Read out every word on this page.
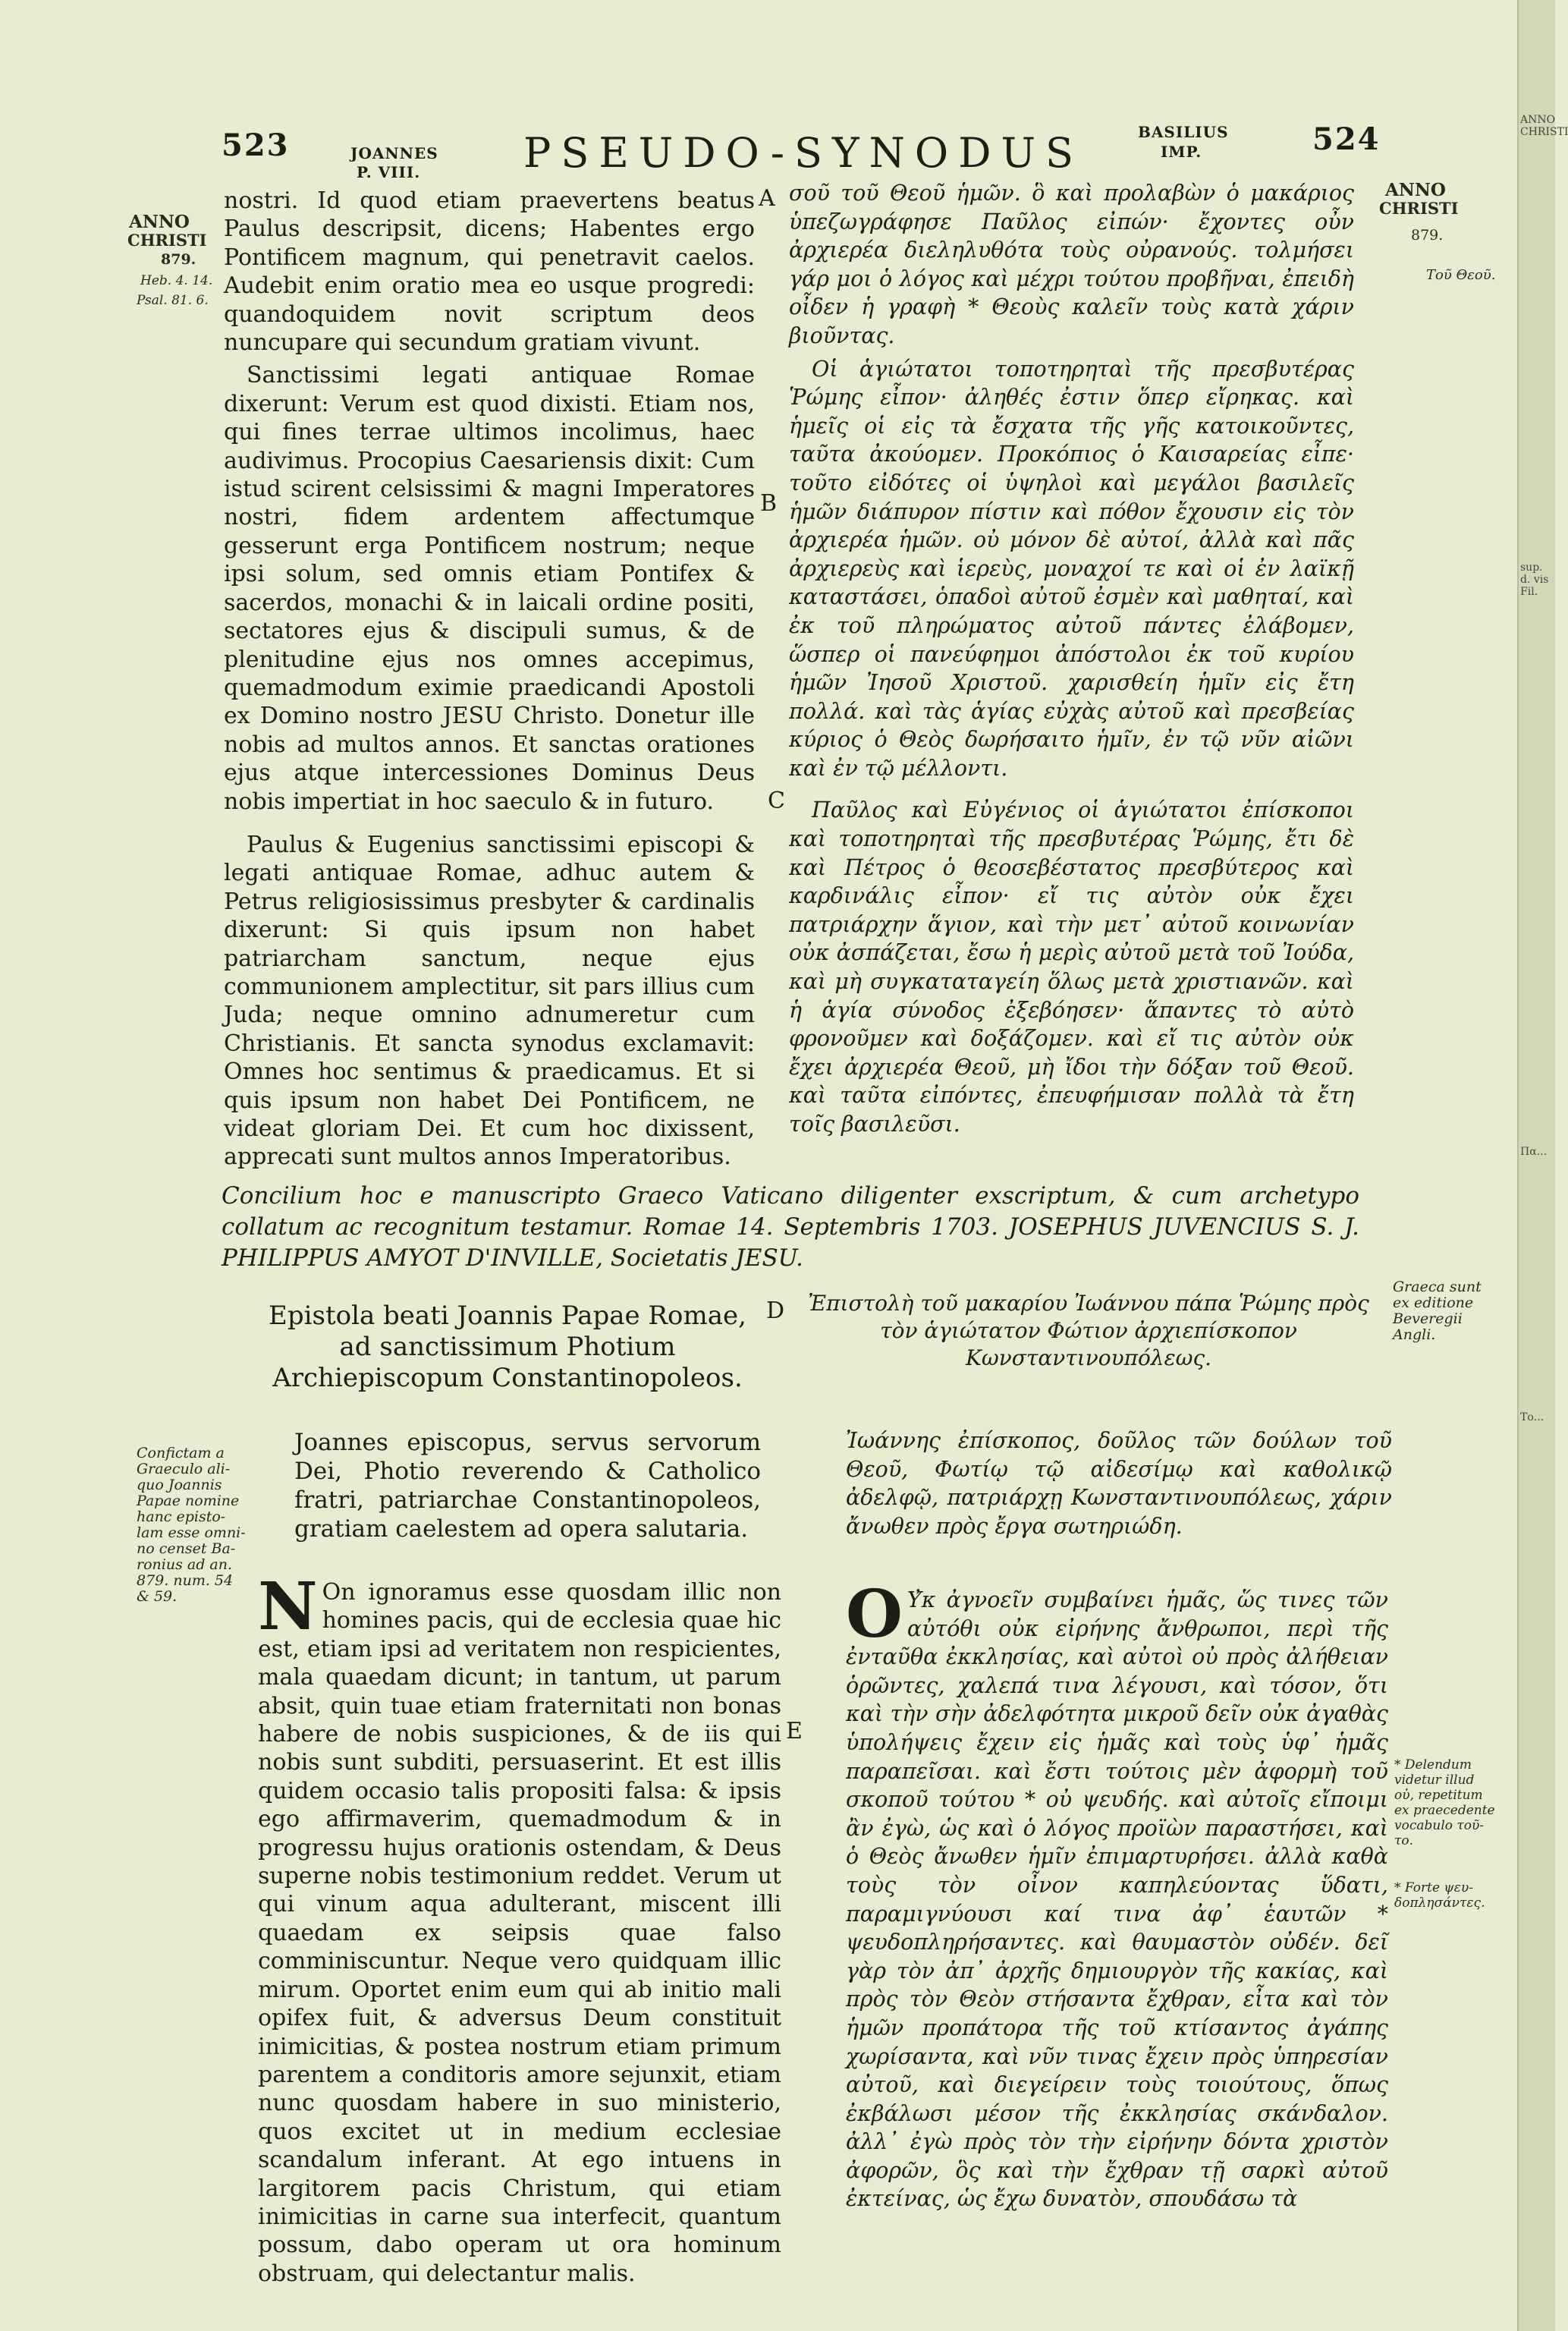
ANNO CHRISTI
sup. d. vis Fil.
Πα...
Το...
523	JOANNES
P. VIII.	PSEUDO-SYNODUS	BASILIUS
IMP.	524
ANNO
CHRISTI
879.
Heb. 4. 14.
Psal. 81. 6.
Confictam a
Graeculo ali-
quo Joannis
Papae nomine
hanc episto-
lam esse omni-
no censet Ba-
ronius ad an.
879. num. 54
& 59.
ANNO
CHRISTI
879.
Τοῦ Θεοῦ.
Graeca sunt
ex editione
Beveregii
Angli.
* Delendum
videtur illud
οὐ, repetitum
ex praecedente
vocabulo τοῦ-
το.
* Forte ψευ-
δοπλησάντες.
A
B
C
D
E

nostri. Id quod etiam praevertens beatus Paulus descripsit, dicens; Habentes ergo Pontificem magnum, qui penetravit caelos. Audebit enim oratio mea eo usque progredi: quandoquidem novit scriptum deos nuncupare qui secundum gratiam vivunt.

Sanctissimi legati antiquae Romae dixerunt: Verum est quod dixisti. Etiam nos, qui fines terrae ultimos incolimus, haec audivimus. Procopius Caesariensis dixit: Cum istud scirent celsissimi & magni Imperatores nostri, fidem ardentem affectumque gesserunt erga Pontificem nostrum; neque ipsi solum, sed omnis etiam Pontifex & sacerdos, monachi & in laicali ordine positi, sectatores ejus & discipuli sumus, & de plenitudine ejus nos omnes accepimus, quemadmodum eximie praedicandi Apostoli ex Domino nostro JESU Christo. Donetur ille nobis ad multos annos. Et sanctas orationes ejus atque intercessiones Dominus Deus nobis impertiat in hoc saeculo & in futuro.

Paulus & Eugenius sanctissimi episcopi & legati antiquae Romae, adhuc autem & Petrus religiosissimus presbyter & cardinalis dixerunt: Si quis ipsum non habet patriarcham sanctum, neque ejus communionem amplectitur, sit pars illius cum Juda; neque omnino adnumeretur cum Christianis. Et sancta synodus exclamavit: Omnes hoc sentimus & praedicamus. Et si quis ipsum non habet Dei Pontificem, ne videat gloriam Dei. Et cum hoc dixissent, apprecati sunt multos annos Imperatoribus.

σοῦ τοῦ Θεοῦ ἡμῶν. ὃ καὶ προλαβὼν ὁ μακάριος ὑπεζωγράφησε Παῦλος εἰπών· ἔχοντες οὖν ἀρχιερέα διεληλυθότα τοὺς οὐρανούς. τολμήσει γάρ μοι ὁ λόγος καὶ μέχρι τούτου προβῆναι, ἐπειδὴ οἶδεν ἡ γραφὴ * Θεοὺς καλεῖν τοὺς κατὰ χάριν βιοῦντας.

Οἱ ἁγιώτατοι τοποτηρηταὶ τῆς πρεσβυτέρας Ῥώμης εἶπον· ἀληθές ἐστιν ὅπερ εἴρηκας. καὶ ἡμεῖς οἱ εἰς τὰ ἔσχατα τῆς γῆς κατοικοῦντες, ταῦτα ἀκούομεν. Προκόπιος ὁ Καισαρείας εἶπε· τοῦτο εἰδότες οἱ ὑψηλοὶ καὶ μεγάλοι βασιλεῖς ἡμῶν διάπυρον πίστιν καὶ πόθον ἔχουσιν εἰς τὸν ἀρχιερέα ἡμῶν. οὐ μόνον δὲ αὐτοί, ἀλλὰ καὶ πᾶς ἀρχιερεὺς καὶ ἱερεὺς, μοναχοί τε καὶ οἱ ἐν λαϊκῇ καταστάσει, ὁπαδοὶ αὐτοῦ ἐσμὲν καὶ μαθηταί, καὶ ἐκ τοῦ πληρώματος αὐτοῦ πάντες ἐλάβομεν, ὥσπερ οἱ πανεύφημοι ἀπόστολοι ἐκ τοῦ κυρίου ἡμῶν Ἰησοῦ Χριστοῦ. χαρισθείη ἡμῖν εἰς ἔτη πολλά. καὶ τὰς ἁγίας εὐχὰς αὐτοῦ καὶ πρεσβείας κύριος ὁ Θεὸς δωρήσαιτο ἡμῖν, ἐν τῷ νῦν αἰῶνι καὶ ἐν τῷ μέλλοντι.

Παῦλος καὶ Εὐγένιος οἱ ἁγιώτατοι ἐπίσκοποι καὶ τοποτηρηταὶ τῆς πρεσβυτέρας Ῥώμης, ἔτι δὲ καὶ Πέτρος ὁ θεοσεβέστατος πρεσβύτερος καὶ καρδινάλις εἶπον· εἴ τις αὐτὸν οὐκ ἔχει πατριάρχην ἅγιον, καὶ τὴν μετ᾽ αὐτοῦ κοινωνίαν οὐκ ἀσπάζεται, ἔσω ἡ μερὶς αὐτοῦ μετὰ τοῦ Ἰούδα, καὶ μὴ συγκαταταγείη ὅλως μετὰ χριστιανῶν. καὶ ἡ ἁγία σύνοδος ἐξεβόησεν· ἅπαντες τὸ αὐτὸ φρονοῦμεν καὶ δοξάζομεν. καὶ εἴ τις αὐτὸν οὐκ ἔχει ἀρχιερέα Θεοῦ, μὴ ἴδοι τὴν δόξαν τοῦ Θεοῦ. καὶ ταῦτα εἰπόντες, ἐπευφήμισαν πολλὰ τὰ ἔτη τοῖς βασιλεῦσι.

Concilium hoc e manuscripto Graeco Vaticano diligenter exscriptum, & cum archetypo collatum ac recognitum testamur. Romae 14. Septembris 1703. JOSEPHUS JUVENCIUS S. J. PHILIPPUS AMYOT D'INVILLE, Societatis JESU.
Epistola beati Joannis Papae Romae, ad sanctissimum Photium Archiepiscopum Constantinopoleos.
Ἐπιστολὴ τοῦ μακαρίου Ἰωάννου πάπα Ῥώμης πρὸς τὸν ἁγιώτατον Φώτιον ἀρχιεπίσκοπον Κωνσταντινουπόλεως.
Joannes episcopus, servus servorum Dei, Photio reverendo & Catholico fratri, patriarchae Constantinopoleos, gratiam caelestem ad opera salutaria.
Ἰωάννης ἐπίσκοπος, δοῦλος τῶν δούλων τοῦ Θεοῦ, Φωτίῳ τῷ αἰδεσίμῳ καὶ καθολικῷ ἀδελφῷ, πατριάρχῃ Κωνσταντινουπόλεως, χάριν ἄνωθεν πρὸς ἔργα σωτηριώδη.
N On ignoramus esse quosdam illic non homines pacis, qui de ecclesia quae hic est, etiam ipsi ad veritatem non respicientes, mala quaedam dicunt; in tantum, ut parum absit, quin tuae etiam fraternitati non bonas habere de nobis suspiciones, & de iis qui nobis sunt subditi, persuaserint. Et est illis quidem occasio talis propositi falsa: & ipsis ego affirmaverim, quemadmodum & in progressu hujus orationis ostendam, & Deus superne nobis testimonium reddet. Verum ut qui vinum aqua adulterant, miscent illi quaedam ex seipsis quae falso comminiscuntur. Neque vero quidquam illic mirum. Oportet enim eum qui ab initio mali opifex fuit, & adversus Deum constituit inimicitias, & postea nostrum etiam primum parentem a conditoris amore sejunxit, etiam nunc quosdam habere in suo ministerio, quos excitet ut in medium ecclesiae scandalum inferant. At ego intuens in largitorem pacis Christum, qui etiam inimicitias in carne sua interfecit, quantum possum, dabo operam ut ora hominum obstruam, qui delectantur malis.
O Υ̓κ ἀγνοεῖν συμβαίνει ἡμᾶς, ὥς τινες τῶν αὐτόθι οὐκ εἰρήνης ἄνθρωποι, περὶ τῆς ἐνταῦθα ἐκκλησίας, καὶ αὐτοὶ οὐ πρὸς ἀλήθειαν ὁρῶντες, χαλεπά τινα λέγουσι, καὶ τόσον, ὅτι καὶ τὴν σὴν ἀδελφότητα μικροῦ δεῖν οὐκ ἀγαθὰς ὑπολήψεις ἔχειν εἰς ἡμᾶς καὶ τοὺς ὑφ᾽ ἡμᾶς παραπεῖσαι. καὶ ἔστι τούτοις μὲν ἀφορμὴ τοῦ σκοποῦ τούτου * οὐ ψευδής. καὶ αὐτοῖς εἴποιμι ἂν ἐγὼ, ὡς καὶ ὁ λόγος προϊὼν παραστήσει, καὶ ὁ Θεὸς ἄνωθεν ἡμῖν ἐπιμαρτυρήσει. ἀλλὰ καθὰ τοὺς τὸν οἶνον καπηλεύοντας ὕδατι, παραμιγνύουσι καί τινα ἀφ᾽ ἑαυτῶν * ψευδοπληρήσαντες. καὶ θαυμαστὸν οὐδέν. δεῖ γὰρ τὸν ἀπ᾽ ἀρχῆς δημιουργὸν τῆς κακίας, καὶ πρὸς τὸν Θεὸν στήσαντα ἔχθραν, εἶτα καὶ τὸν ἡμῶν προπάτορα τῆς τοῦ κτίσαντος ἀγάπης χωρίσαντα, καὶ νῦν τινας ἔχειν πρὸς ὑπηρεσίαν αὐτοῦ, καὶ διεγείρειν τοὺς τοιούτους, ὅπως ἐκβάλωσι μέσον τῆς ἐκκλησίας σκάνδαλον. ἀλλ᾽ ἐγὼ πρὸς τὸν τὴν εἰρήνην δόντα χριστὸν ἀφορῶν, ὃς καὶ τὴν ἔχθραν τῇ σαρκὶ αὐτοῦ ἐκτείνας, ὡς ἔχω δυνατὸν, σπουδάσω τὰ
